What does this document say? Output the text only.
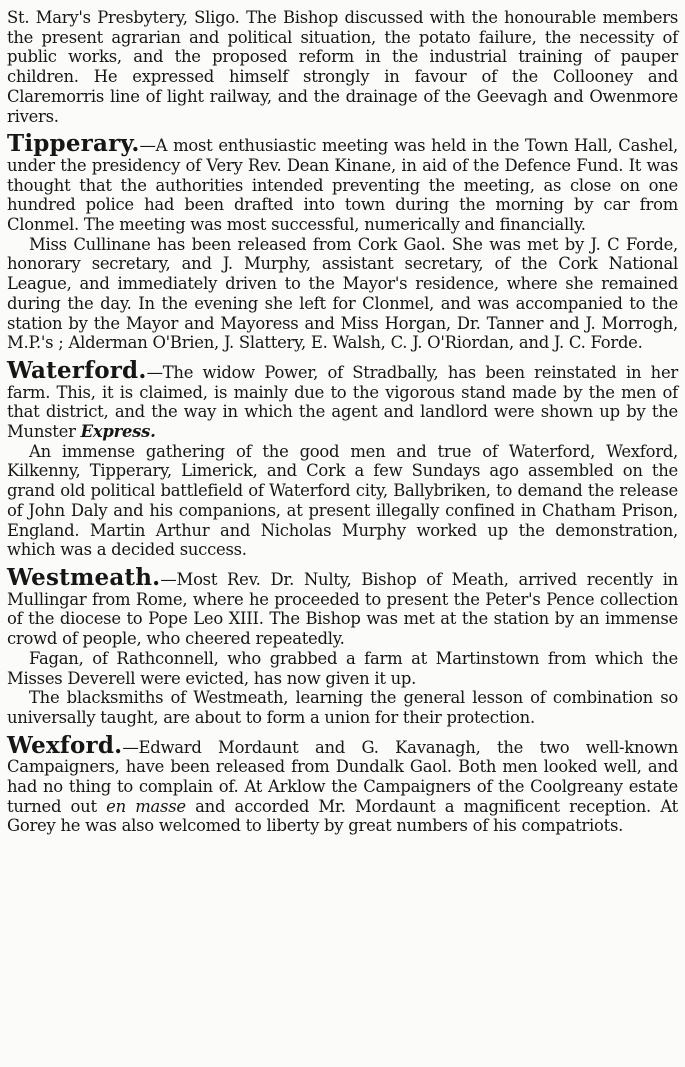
St. Mary's Presbytery, Sligo. The Bishop discussed with the honourable members the present agrarian and political situation, the potato failure, the necessity of public works, and the proposed reform in the industrial training of pauper children. He expressed himself strongly in favour of the Collooney and Claremorris line of light railway, and the drainage of the Geevagh and Owenmore rivers.

Tipperary.—A most enthusiastic meeting was held in the Town Hall, Cashel, under the presidency of Very Rev. Dean Kinane, in aid of the Defence Fund. It was thought that the authorities intended preventing the meeting, as close on one hundred police had been drafted into town during the morning by car from Clonmel. The meeting was most successful, numerically and financially.

Miss Cullinane has been released from Cork Gaol. She was met by J. C Forde, honorary secretary, and J. Murphy, assistant secretary, of the Cork National League, and immediately driven to the Mayor's residence, where she remained during the day. In the evening she left for Clonmel, and was accompanied to the station by the Mayor and Mayoress and Miss Horgan, Dr. Tanner and J. Morrogh, M.P.'s ; Alderman O'Brien, J. Slattery, E. Walsh, C. J. O'Riordan, and J. C. Forde.

Waterford.—The widow Power, of Stradbally, has been reinstated in her farm. This, it is claimed, is mainly due to the vigorous stand made by the men of that district, and the way in which the agent and landlord were shown up by the Munster Express.

An immense gathering of the good men and true of Waterford, Wexford, Kilkenny, Tipperary, Limerick, and Cork a few Sundays ago assembled on the grand old political battlefield of Waterford city, Ballybriken, to demand the release of John Daly and his companions, at present illegally confined in Chatham Prison, England. Martin Arthur and Nicholas Murphy worked up the demonstration, which was a decided success.

Westmeath.—Most Rev. Dr. Nulty, Bishop of Meath, arrived recently in Mullingar from Rome, where he proceeded to present the Peter's Pence collection of the diocese to Pope Leo XIII. The Bishop was met at the station by an immense crowd of people, who cheered repeatedly.

Fagan, of Rathconnell, who grabbed a farm at Martinstown from which the Misses Deverell were evicted, has now given it up.

The blacksmiths of Westmeath, learning the general lesson of combination so universally taught, are about to form a union for their protection.

Wexford.—Edward Mordaunt and G. Kavanagh, the two well-known Campaigners, have been released from Dundalk Gaol. Both men looked well, and had no thing to complain of. At Arklow the Campaigners of the Coolgreany estate turned out en masse and accorded Mr. Mordaunt a magnificent reception. At Gorey he was also welcomed to liberty by great numbers of his compatriots.
